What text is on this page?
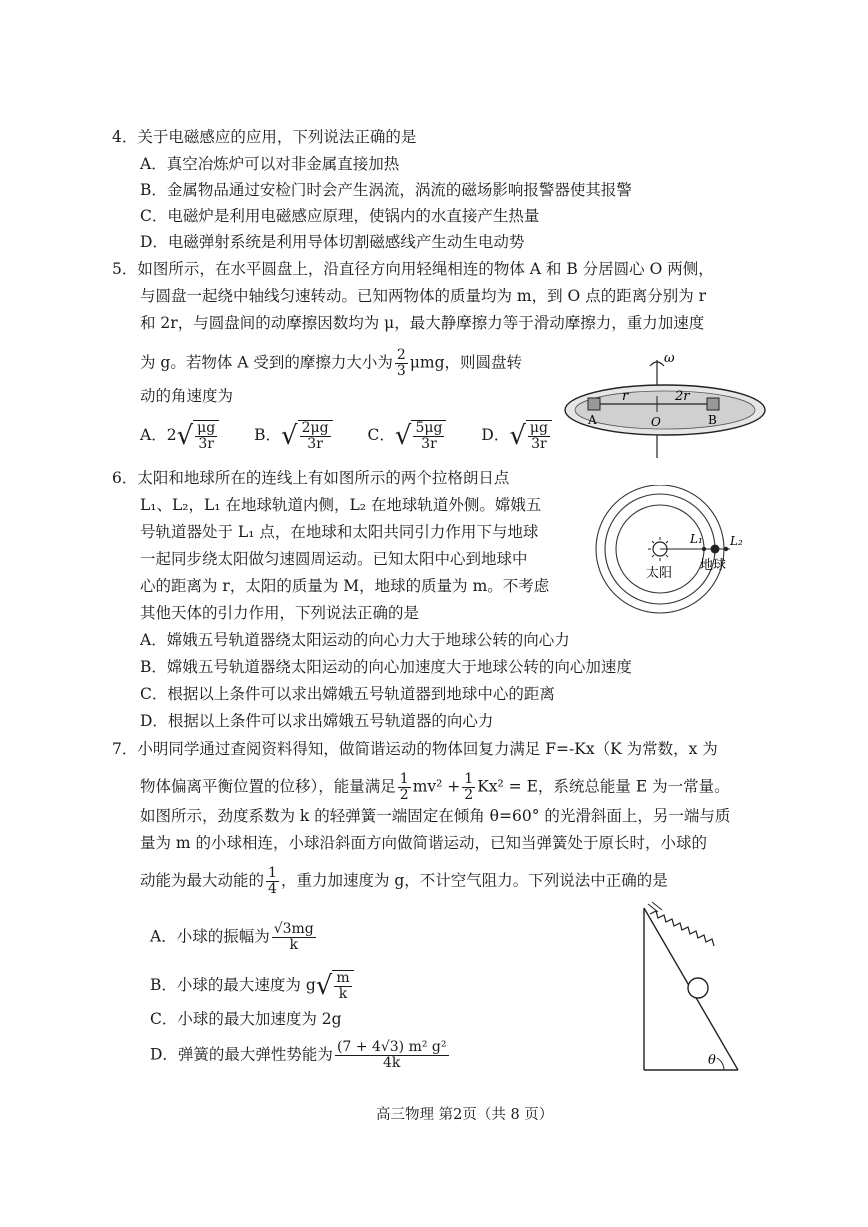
4．关于电磁感应的应用，下列说法正确的是
A．真空冶炼炉可以对非金属直接加热
B．金属物品通过安检门时会产生涡流，涡流的磁场影响报警器使其报警
C．电磁炉是利用电磁感应原理，使锅内的水直接产生热量
D．电磁弹射系统是利用导体切割磁感线产生动生电动势
5．如图所示，在水平圆盘上，沿直径方向用轻绳相连的物体 A 和 B 分居圆心 O 两侧，
与圆盘一起绕中轴线匀速转动。已知两物体的质量均为 m，到 O 点的距离分别为 r
和 2r，与圆盘间的动摩擦因数均为 μ，最大静摩擦力等于滑动摩擦力，重力加速度
为 g。若物体 A 受到的摩擦力大小为 $\frac{2}{3}$ μmg，则圆盘转
动的角速度为
A．$2√ \frac{\mu g}{3r}$ B．√ $\frac{2\mu g}{3r}$ C．√ $\frac{5\mu g}{3r}$ D．√ $\frac{\mu g}{3r}$
ω
r	2r
O
A	B
6．太阳和地球所在的连线上有如图所示的两个拉格朗日点
L₁、L₂，L₁ 在地球轨道内侧，L₂ 在地球轨道外侧。嫦娥五
号轨道器处于 L₁ 点，在地球和太阳共同引力作用下与地球
一起同步绕太阳做匀速圆周运动。已知太阳中心到地球中
心的距离为 r，太阳的质量为 M，地球的质量为 m。不考虑
其他天体的引力作用，下列说法正确的是
A．嫦娥五号轨道器绕太阳运动的向心力大于地球公转的向心力
B．嫦娥五号轨道器绕太阳运动的向心加速度大于地球公转的向心加速度
C．根据以上条件可以求出嫦娥五号轨道器到地球中心的距离
D．根据以上条件可以求出嫦娥五号轨道器的向心力
L₁ L₂
太阳
地球
7．小明同学通过查阅资料得知，做简谐运动的物体回复力满足 F=-Kx（K 为常数，x 为
物体偏离平衡位置的位移），能量满足 $\frac{1}{2} mv^2 + \frac{1}{2} Kx^2 = E$，系统总能量 E 为一常量。
如图所示，劲度系数为 k 的轻弹簧一端固定在倾角 θ=60° 的光滑斜面上，另一端与质
量为 m 的小球相连，小球沿斜面方向做简谐运动，已知当弹簧处于原长时，小球的
动能为最大动能的 $\frac{1}{4}$ ，重力加速度为 g，不计空气阻力。下列说法中正确的是
A．小球的振幅为 $\frac{√3mg}{k}$
B．小球的最大速度为 $g√ \frac{m}{k}$
C．小球的最大加速度为 2g
D．弹簧的最大弹性势能为 $\frac{\text{(7 + 4√3) m² g²}}{4k}$	θ
高三物理 第2页（共 8 页）
